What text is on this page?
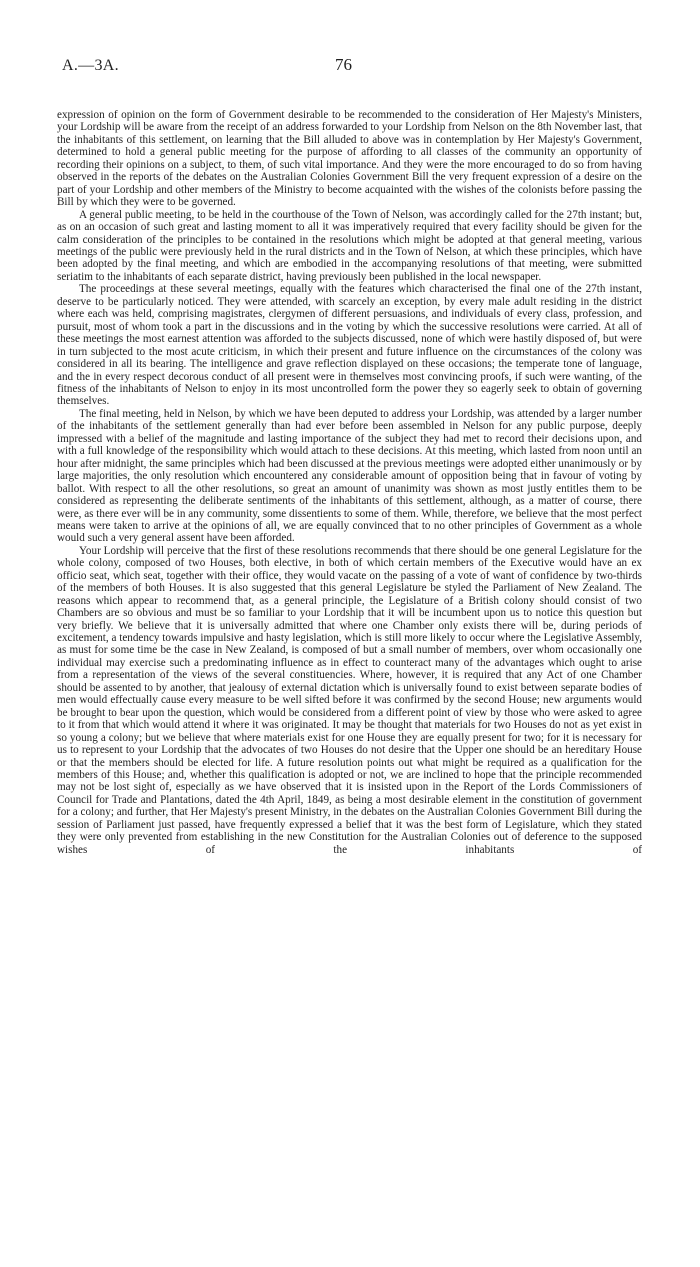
A.—3A.	76

expression of opinion on the form of Government desirable to be recommended to the consideration of Her Majesty's Ministers, your Lordship will be aware from the receipt of an address forwarded to your Lordship from Nelson on the 8th November last, that the inhabitants of this settlement, on learning that the Bill alluded to above was in contemplation by Her Majesty's Government, determined to hold a general public meeting for the purpose of affording to all classes of the community an opportunity of recording their opinions on a subject, to them, of such vital importance. And they were the more encouraged to do so from having observed in the reports of the debates on the Australian Colonies Government Bill the very frequent expression of a desire on the part of your Lordship and other members of the Ministry to become acquainted with the wishes of the colonists before passing the Bill by which they were to be governed.

A general public meeting, to be held in the courthouse of the Town of Nelson, was accordingly called for the 27th instant; but, as on an occasion of such great and lasting moment to all it was imperatively required that every facility should be given for the calm consideration of the principles to be contained in the resolutions which might be adopted at that general meeting, various meetings of the public were previously held in the rural districts and in the Town of Nelson, at which these principles, which have been adopted by the final meeting, and which are embodied in the accompanying resolutions of that meeting, were submitted seriatim to the inhabitants of each separate district, having previously been published in the local newspaper.

The proceedings at these several meetings, equally with the features which characterised the final one of the 27th instant, deserve to be particularly noticed. They were attended, with scarcely an exception, by every male adult residing in the district where each was held, comprising magistrates, clergymen of different persuasions, and individuals of every class, profession, and pursuit, most of whom took a part in the discussions and in the voting by which the successive resolutions were carried. At all of these meetings the most earnest attention was afforded to the subjects discussed, none of which were hastily disposed of, but were in turn subjected to the most acute criticism, in which their present and future influence on the circumstances of the colony was considered in all its bearing. The intelligence and grave reflection displayed on these occasions; the temperate tone of language, and the in every respect decorous conduct of all present were in themselves most convincing proofs, if such were wanting, of the fitness of the inhabitants of Nelson to enjoy in its most uncontrolled form the power they so eagerly seek to obtain of governing themselves.

The final meeting, held in Nelson, by which we have been deputed to address your Lordship, was attended by a larger number of the inhabitants of the settlement generally than had ever before been assembled in Nelson for any public purpose, deeply impressed with a belief of the magnitude and lasting importance of the subject they had met to record their decisions upon, and with a full knowledge of the responsibility which would attach to these decisions. At this meeting, which lasted from noon until an hour after midnight, the same principles which had been discussed at the previous meetings were adopted either unanimously or by large majorities, the only resolution which encountered any considerable amount of opposition being that in favour of voting by ballot. With respect to all the other resolutions, so great an amount of unanimity was shown as most justly entitles them to be considered as representing the deliberate sentiments of the inhabitants of this settlement, although, as a matter of course, there were, as there ever will be in any community, some dissentients to some of them. While, therefore, we believe that the most perfect means were taken to arrive at the opinions of all, we are equally convinced that to no other principles of Government as a whole would such a very general assent have been afforded.

Your Lordship will perceive that the first of these resolutions recommends that there should be one general Legislature for the whole colony, composed of two Houses, both elective, in both of which certain members of the Executive would have an ex officio seat, which seat, together with their office, they would vacate on the passing of a vote of want of confidence by two-thirds of the members of both Houses. It is also suggested that this general Legislature be styled the Parliament of New Zealand. The reasons which appear to recommend that, as a general principle, the Legislature of a British colony should consist of two Chambers are so obvious and must be so familiar to your Lordship that it will be incumbent upon us to notice this question but very briefly. We believe that it is universally admitted that where one Chamber only exists there will be, during periods of excitement, a tendency towards impulsive and hasty legislation, which is still more likely to occur where the Legislative Assembly, as must for some time be the case in New Zealand, is composed of but a small number of members, over whom occasionally one individual may exercise such a predominating influence as in effect to counteract many of the advantages which ought to arise from a representation of the views of the several constituencies. Where, however, it is required that any Act of one Chamber should be assented to by another, that jealousy of external dictation which is universally found to exist between separate bodies of men would effectually cause every measure to be well sifted before it was confirmed by the second House; new arguments would be brought to bear upon the question, which would be considered from a different point of view by those who were asked to agree to it from that which would attend it where it was originated. It may be thought that materials for two Houses do not as yet exist in so young a colony; but we believe that where materials exist for one House they are equally present for two; for it is necessary for us to represent to your Lordship that the advocates of two Houses do not desire that the Upper one should be an hereditary House or that the members should be elected for life. A future resolution points out what might be required as a qualification for the members of this House; and, whether this qualification is adopted or not, we are inclined to hope that the principle recommended may not be lost sight of, especially as we have observed that it is insisted upon in the Report of the Lords Commissioners of Council for Trade and Plantations, dated the 4th April, 1849, as being a most desirable element in the constitution of government for a colony; and further, that Her Majesty's present Ministry, in the debates on the Australian Colonies Government Bill during the session of Parliament just passed, have frequently expressed a belief that it was the best form of Legislature, which they stated they were only prevented from establishing in the new Constitution for the Australian Colonies out of deference to the supposed wishes of the inhabitants of
